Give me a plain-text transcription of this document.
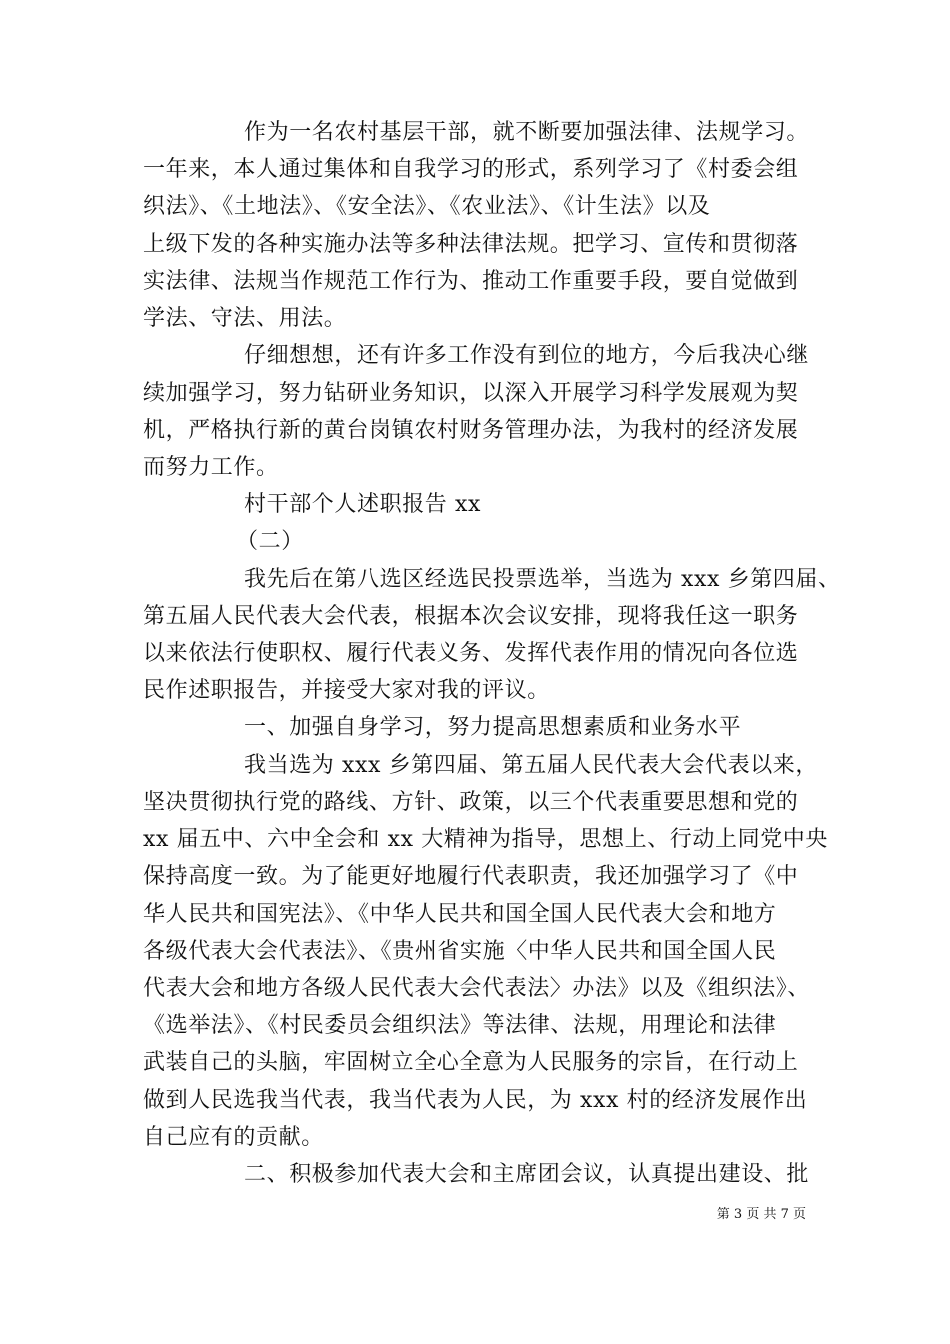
作为一名农村基层干部，就不断要加强法律、法规学习。
一年来，本人通过集体和自我学习的形式，系列学习了《村委会组
织法》、《土地法》、《安全法》、《农业法》、《计生法》以及
上级下发的各种实施办法等多种法律法规。把学习、宣传和贯彻落
实法律、法规当作规范工作行为、推动工作重要手段，要自觉做到
学法、守法、用法。
仔细想想，还有许多工作没有到位的地方，今后我决心继
续加强学习，努力钻研业务知识，以深入开展学习科学发展观为契
机，严格执行新的黄台岗镇农村财务管理办法，为我村的经济发展
而努力工作。
村干部个人述职报告 xx
（二）
我先后在第八选区经选民投票选举，当选为 xxx 乡第四届、
第五届人民代表大会代表，根据本次会议安排，现将我任这一职务
以来依法行使职权、履行代表义务、发挥代表作用的情况向各位选
民作述职报告，并接受大家对我的评议。
一、加强自身学习，努力提高思想素质和业务水平
我当选为 xxx 乡第四届、第五届人民代表大会代表以来，
坚决贯彻执行党的路线、方针、政策，以三个代表重要思想和党的
xx 届五中、六中全会和 xx 大精神为指导，思想上、行动上同党中央
保持高度一致。为了能更好地履行代表职责，我还加强学习了《中
华人民共和国宪法》、《中华人民共和国全国人民代表大会和地方
各级代表大会代表法》、《贵州省实施〈中华人民共和国全国人民
代表大会和地方各级人民代表大会代表法〉办法》以及《组织法》、
《选举法》、《村民委员会组织法》等法律、法规，用理论和法律
武装自己的头脑，牢固树立全心全意为人民服务的宗旨，在行动上
做到人民选我当代表，我当代表为人民，为 xxx 村的经济发展作出
自己应有的贡献。
二、积极参加代表大会和主席团会议，认真提出建设、批
第 3 页 共 7 页
